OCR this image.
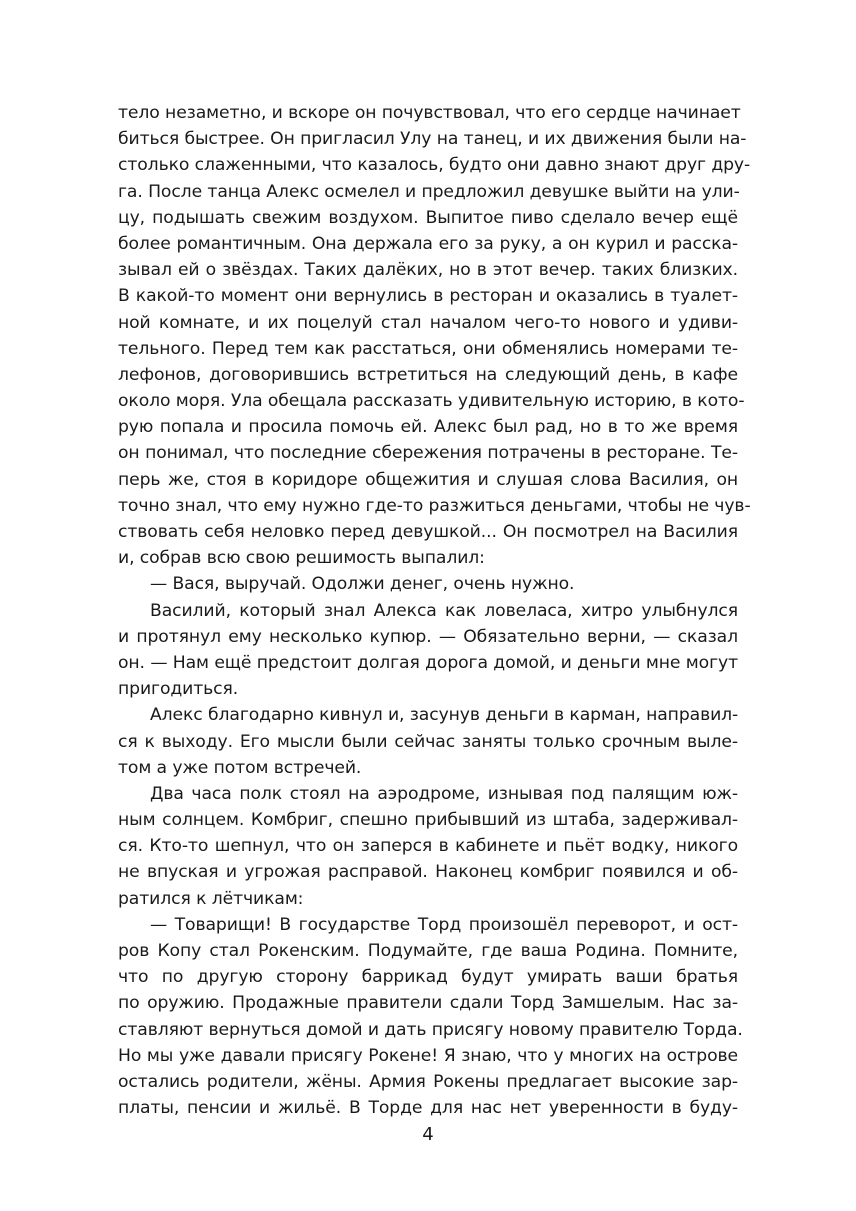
тело незаметно, и вскоре он почувствовал, что его сердце начинает
биться быстрее. Он пригласил Улу на танец, и их движения были на-
столько слаженными, что казалось, будто они давно знают друг дру-
га. После танца Алекс осмелел и предложил девушке выйти на ули-
цу, подышать свежим воздухом. Выпитое пиво сделало вечер ещё
более романтичным. Она держала его за руку, а он курил и расска-
зывал ей о звёздах. Таких далёких, но в этот вечер. таких близких.
В какой-то момент они вернулись в ресторан и оказались в туалет-
ной комнате, и их поцелуй стал началом чего-то нового и удиви-
тельного. Перед тем как расстаться, они обменялись номерами те-
лефонов, договорившись встретиться на следующий день, в кафе
около моря. Ула обещала рассказать удивительную историю, в кото-
рую попала и просила помочь ей. Алекс был рад, но в то же время
он понимал, что последние сбережения потрачены в ресторане. Те-
перь же, стоя в коридоре общежития и слушая слова Василия, он
точно знал, что ему нужно где-то разжиться деньгами, чтобы не чув-
ствовать себя неловко перед девушкой... Он посмотрел на Василия
и, собрав всю свою решимость выпалил:
— Вася, выручай. Одолжи денег, очень нужно.
Василий, который знал Алекса как ловеласа, хитро улыбнулся
и протянул ему несколько купюр. — Обязательно верни, — сказал
он. — Нам ещё предстоит долгая дорога домой, и деньги мне могут
пригодиться.
Алекс благодарно кивнул и, засунув деньги в карман, направил-
ся к выходу. Его мысли были сейчас заняты только срочным выле-
том а уже потом встречей.
Два часа полк стоял на аэродроме, изнывая под палящим юж-
ным солнцем. Комбриг, спешно прибывший из штаба, задерживал-
ся. Кто-то шепнул, что он заперся в кабинете и пьёт водку, никого
не впуская и угрожая расправой. Наконец комбриг появился и об-
ратился к лётчикам:
— Товарищи! В государстве Торд произошёл переворот, и ост-
ров Копу стал Рокенским. Подумайте, где ваша Родина. Помните,
что по другую сторону баррикад будут умирать ваши братья
по оружию. Продажные правители сдали Торд Замшелым. Нас за-
ставляют вернуться домой и дать присягу новому правителю Торда.
Но мы уже давали присягу Рокене! Я знаю, что у многих на острове
остались родители, жёны. Армия Рокены предлагает высокие зар-
платы, пенсии и жильё. В Торде для нас нет уверенности в буду-
4
